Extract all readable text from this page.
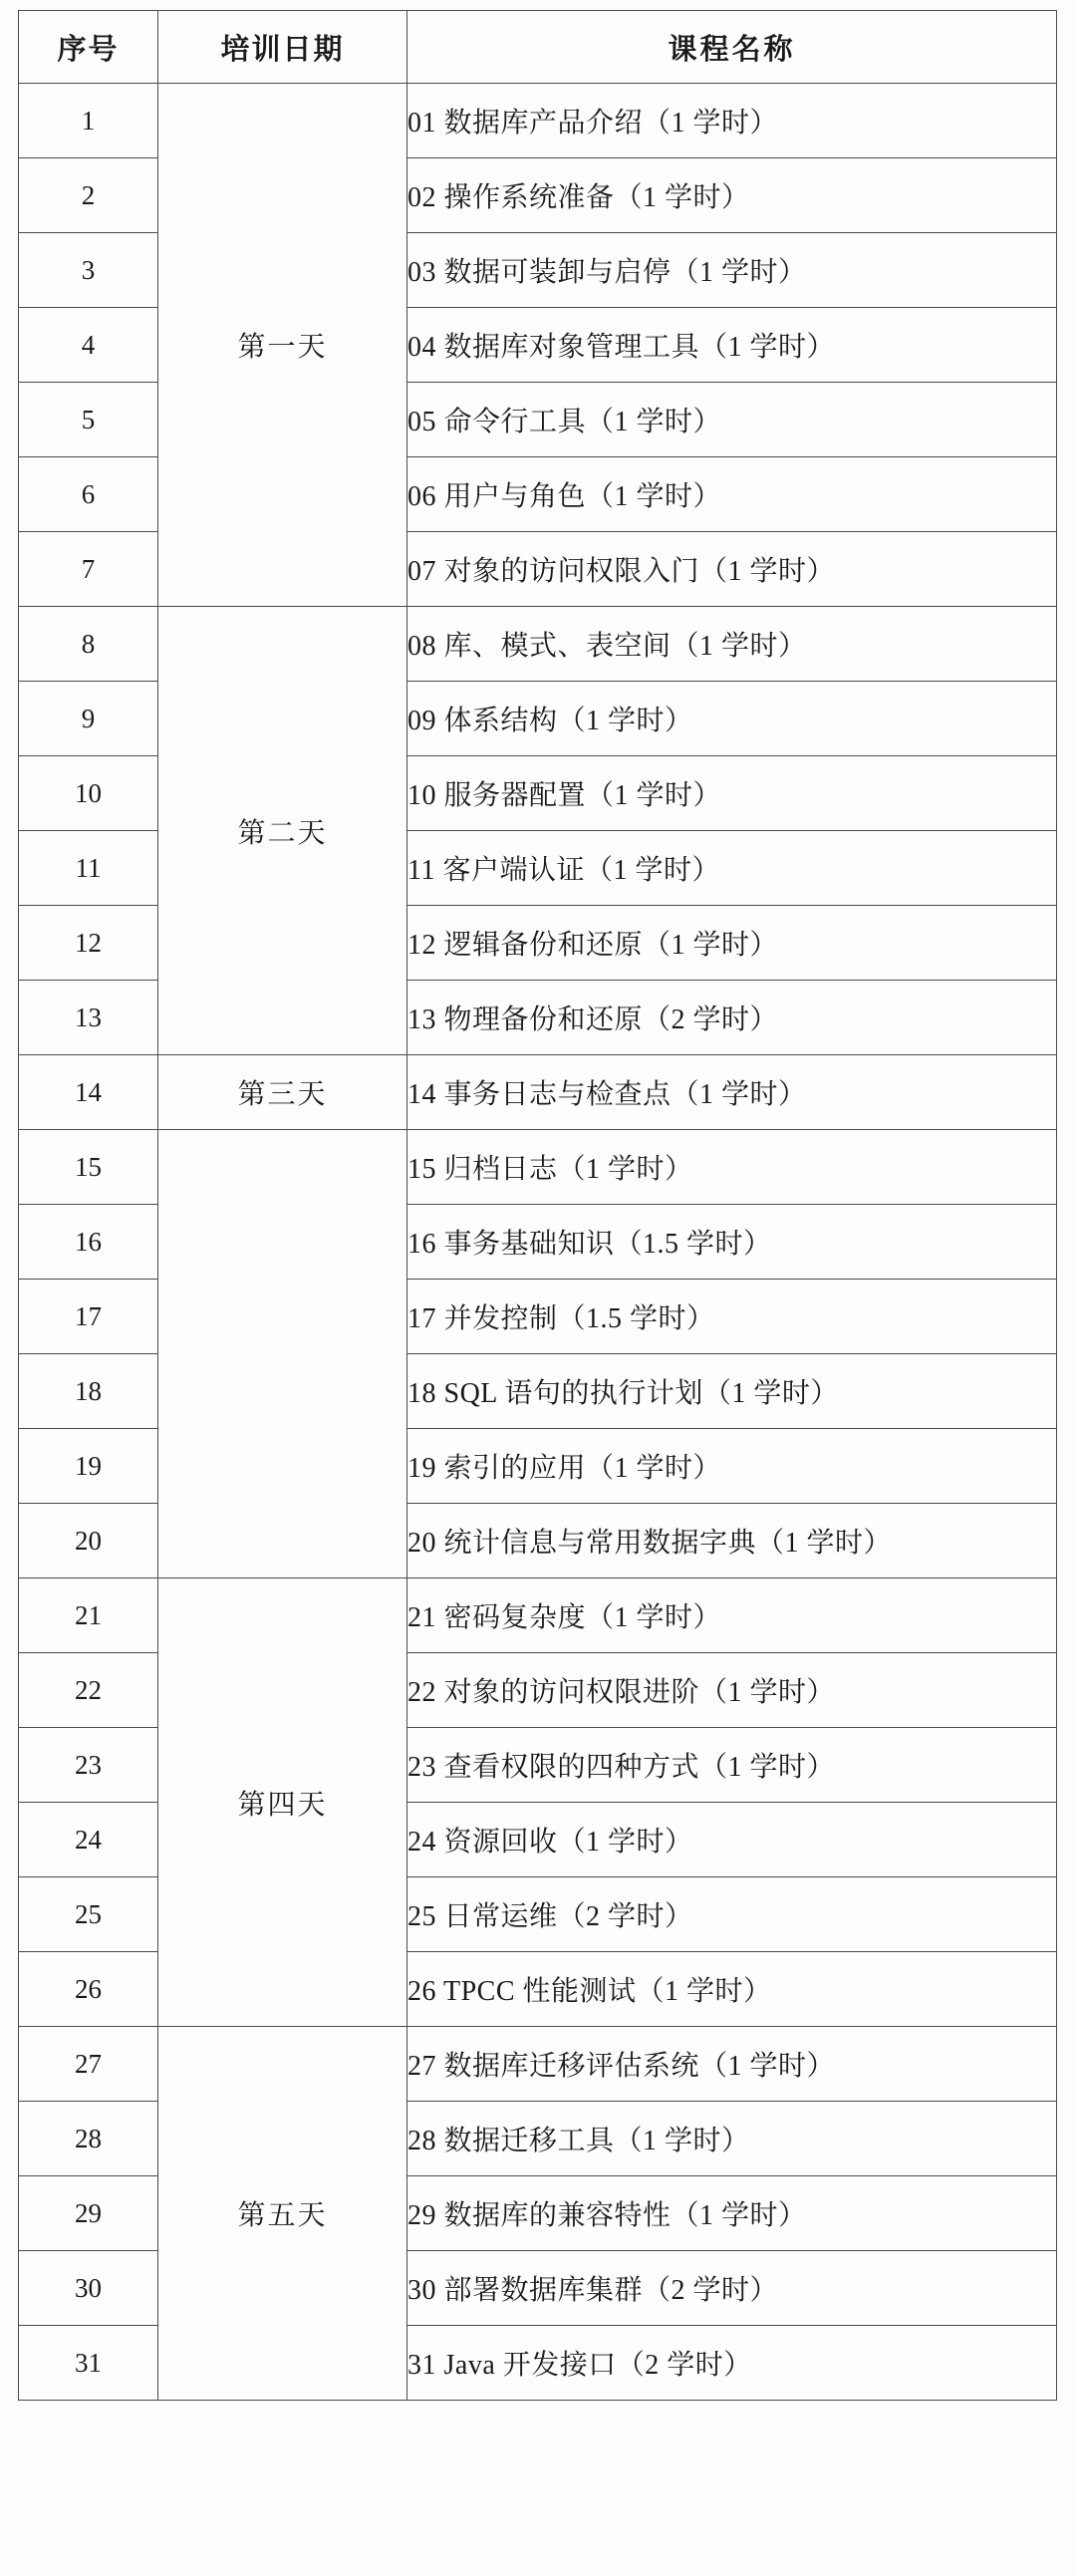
序号	培训日期	课程名称
1	第一天	01 数据库产品介绍（1 学时）
2		02 操作系统准备（1 学时）
3		03 数据可装卸与启停（1 学时）
4		04 数据库对象管理工具（1 学时）
5		05 命令行工具（1 学时）
6		06 用户与角色（1 学时）
7		07 对象的访问权限入门（1 学时）
8	第二天	08 库、模式、表空间（1 学时）
9		09 体系结构（1 学时）
10		10 服务器配置（1 学时）
11		11 客户端认证（1 学时）
12		12 逻辑备份和还原（1 学时）
13		13 物理备份和还原（2 学时）
14	第三天	14 事务日志与检查点（1 学时）
15		15 归档日志（1 学时）
16		16 事务基础知识（1.5 学时）
17		17 并发控制（1.5 学时）
18		18 SQL 语句的执行计划（1 学时）
19		19 索引的应用（1 学时）
20		20 统计信息与常用数据字典（1 学时）
21	第四天	21 密码复杂度（1 学时）
22		22 对象的访问权限进阶（1 学时）
23		23 查看权限的四种方式（1 学时）
24		24 资源回收（1 学时）
25		25 日常运维（2 学时）
26		26 TPCC 性能测试（1 学时）
27	第五天	27 数据库迁移评估系统（1 学时）
28		28 数据迁移工具（1 学时）
29		29 数据库的兼容特性（1 学时）
30		30 部署数据库集群（2 学时）
31		31 Java 开发接口（2 学时）
